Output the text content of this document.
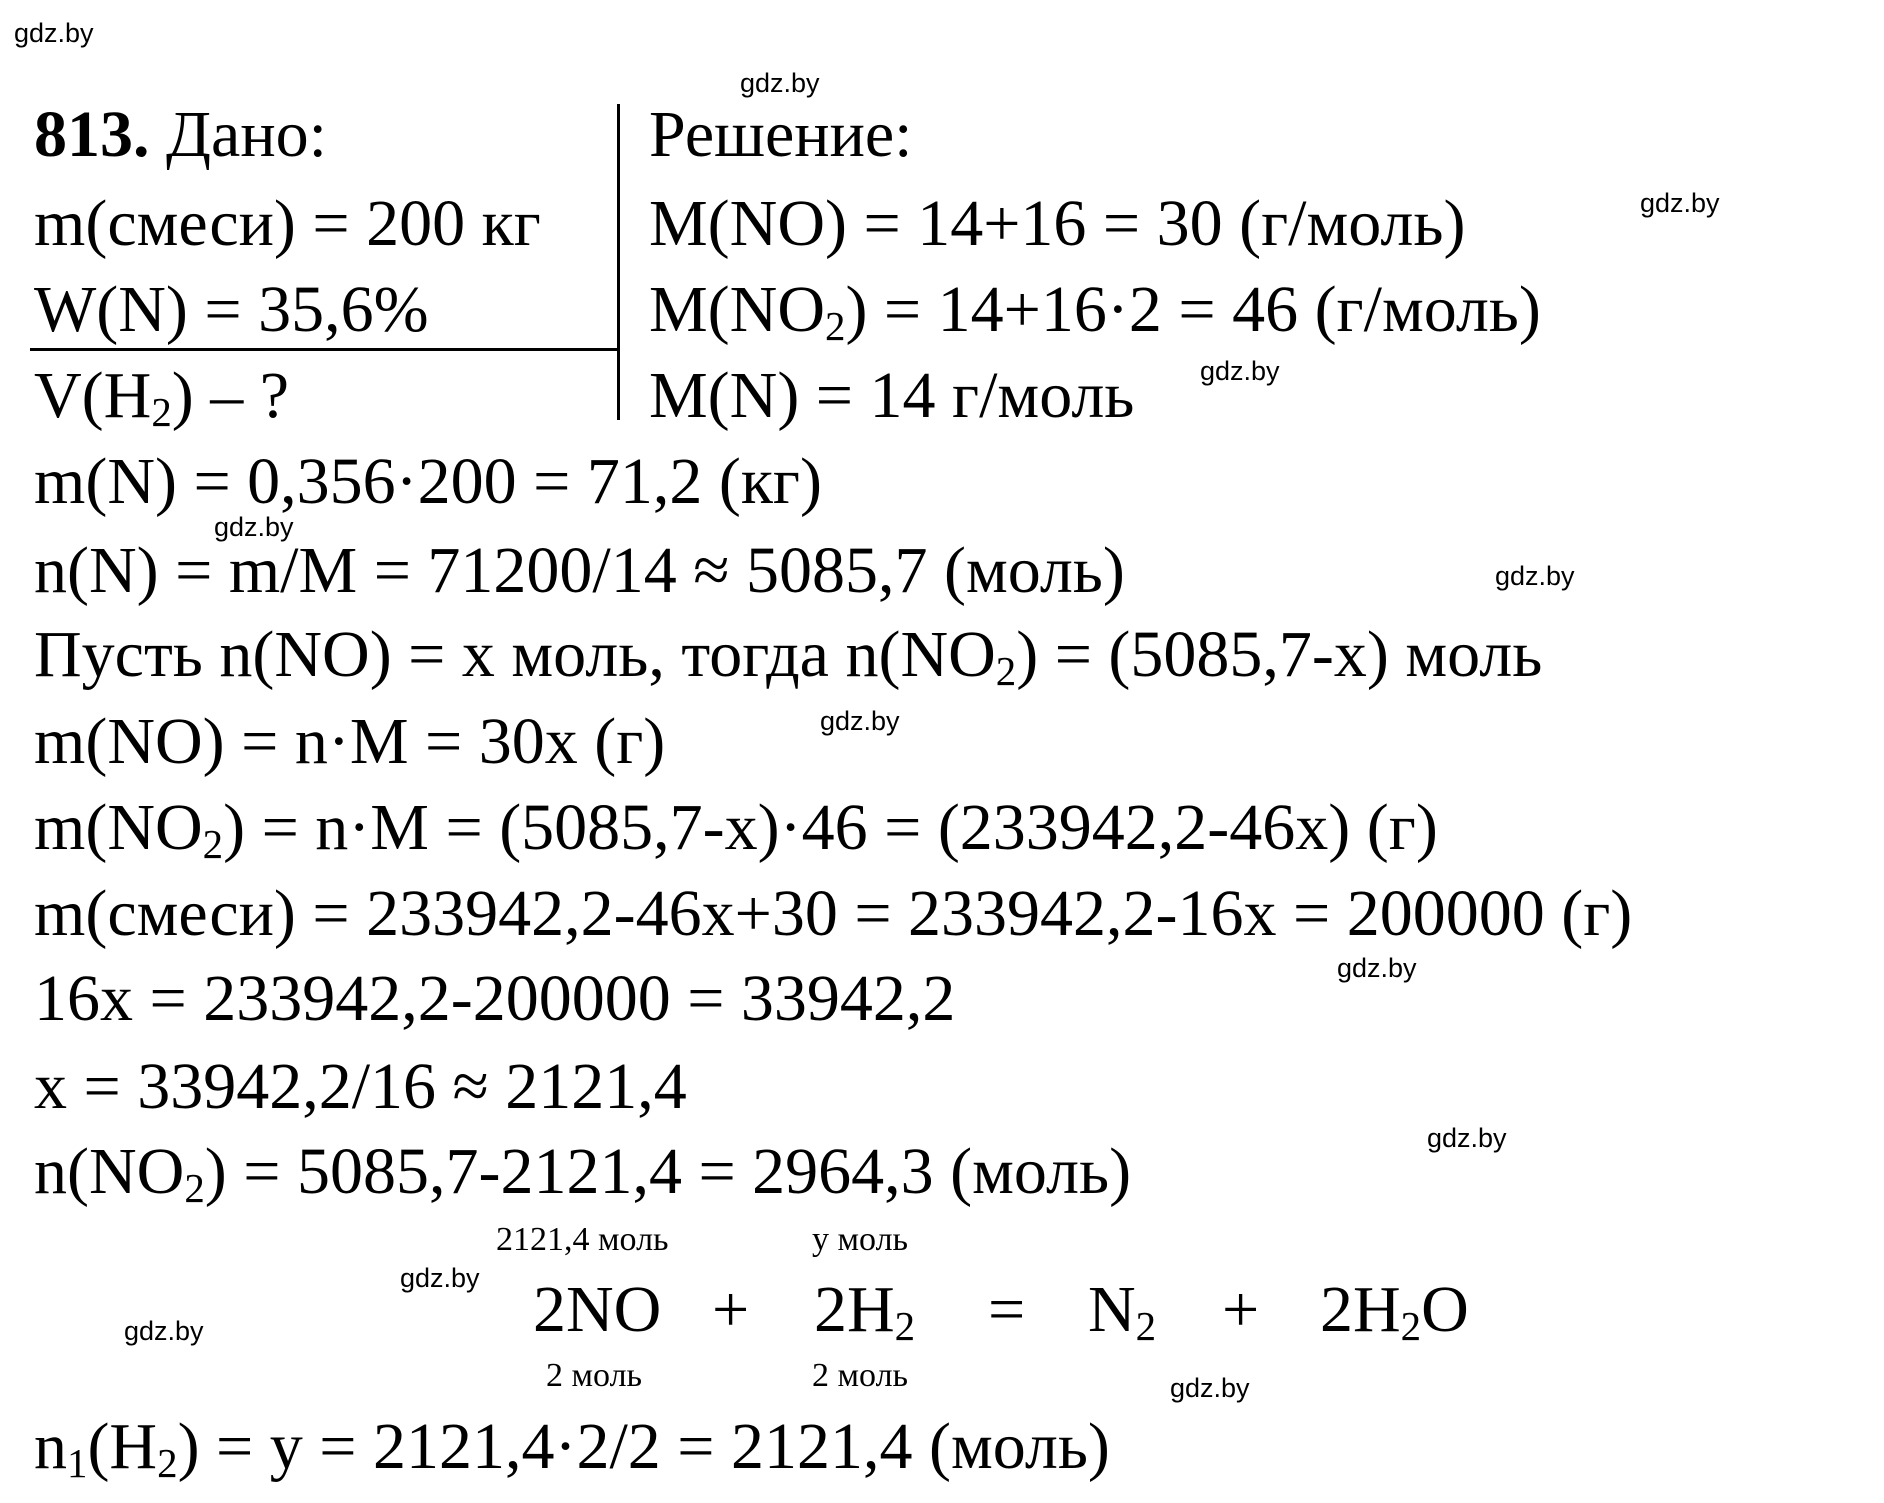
gdz.by
gdz.by
gdz.by
gdz.by
gdz.by
gdz.by
gdz.by
gdz.by
gdz.by
gdz.by
gdz.by
gdz.by
813. Дано:
m(смеси) = 200 кг
W(N) = 35,6%
$V(H_2)$ – ?
Решение:
M(NO) = 14+16 = 30 (г/моль)
$M(NO_2) = 14+16\cdot 2 = 46$ (г/моль)
M(N) = 14 г/моль
m(N) = 0,356·200 = 71,2 (кг)
n(N) = m/M = 71200/14 ≈ 5085,7 (моль)
Пусть n(NO) = x моль, тогда $n(NO_2) = (5085,7-x)$ моль
m(NO) = n·M = 30x (г)
$m(NO_2) = n\cdot M = (5085,7-x)\cdot 46 = (233942,2-46x)$ (г)
m(смеси) = 233942,2-46x+30 = 233942,2-16x = 200000 (г)
16x = 233942,2-200000 = 33942,2
x = 33942,2/16 ≈ 2121,4
$n(NO_2) = 5085,7-2121,4 = 2964,3$ (моль)
2121,4 моль	y моль
$2NO + 2H_2 = N_2 + 2H_2O$
2 моль	2 моль
$n_1(H_2) = y = 2121,4\cdot 2/2 = 2121,4$ (моль)
